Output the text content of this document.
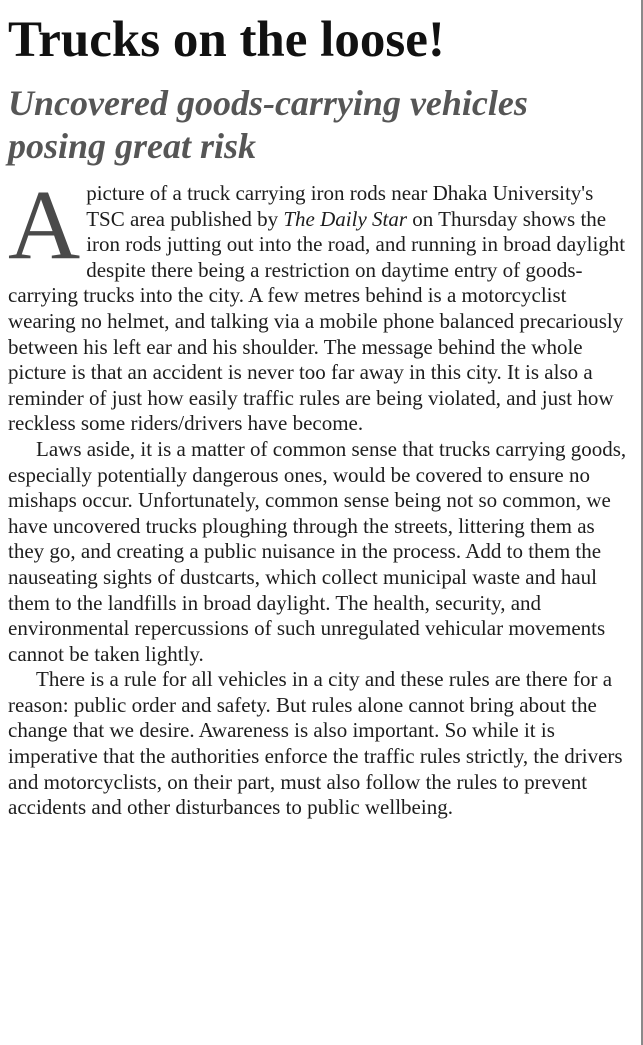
Trucks on the loose!
Uncovered goods-carrying vehicles posing great risk

Apicture of a truck carrying iron rods near Dhaka University's TSC area published by The Daily Star on Thursday shows the iron rods jutting out into the road, and running in broad daylight despite there being a restriction on daytime entry of goods-carrying trucks into the city. A few metres behind is a motorcyclist wearing no helmet, and talking via a mobile phone balanced precariously between his left ear and his shoulder. The message behind the whole picture is that an accident is never too far away in this city. It is also a reminder of just how easily traffic rules are being violated, and just how reckless some riders/drivers have become.

Laws aside, it is a matter of common sense that trucks carrying goods, especially potentially dangerous ones, would be covered to ensure no mishaps occur. Unfortunately, common sense being not so common, we have uncovered trucks ploughing through the streets, littering them as they go, and creating a public nuisance in the process. Add to them the nauseating sights of dustcarts, which collect municipal waste and haul them to the landfills in broad daylight. The health, security, and environmental repercussions of such unregulated vehicular movements cannot be taken lightly.

There is a rule for all vehicles in a city and these rules are there for a reason: public order and safety. But rules alone cannot bring about the change that we desire. Awareness is also important. So while it is imperative that the authorities enforce the traffic rules strictly, the drivers and motorcyclists, on their part, must also follow the rules to prevent accidents and other disturbances to public wellbeing.
